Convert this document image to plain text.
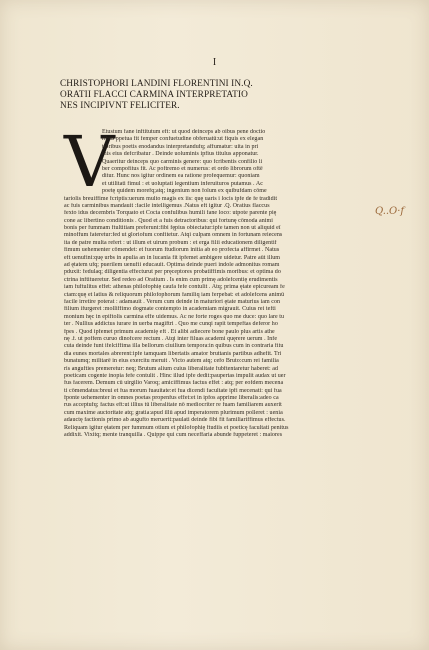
I
CHRISTOPHORI LANDINI FLORENTINI IN.Q.
ORATII FLACCI CARMINA INTERPRETATIO
NES INCIPIVNT FELICITER.
V
Etustum fane inftitutum eft: ut quod deinceps ab oibus pene doctio
ribus ppetua fit femper confuetudine obferuatū:ut fiquis ex elegan
tioribus poetis enodandus interpretandufq; affumatur: uita in pri
mis eius defcribatur . Deinde uoluminis ipfius titulus apponatur.
Quaeritur deinceps quo carminis genere: quo fcribentis confilio li
ber compofitus fit. Ac poftremo et numerus: et ordo librorum oftē
ditur. Hunc nos igitur ordinem ea ratione profequemur: quoniam
et utilitati fimul : et uoluptati legentium inferuituros putamus . Ac
poetę quidem morefq;atq; ingenium non folum ex quibufdam cōme
tariolis breuiffime fcriptis:uerum multo magis ex iis: quę uaris i locis ipfe de fe tradidit
ac fuis carminibus mandauit :facile intelligemus .Natus eft igitur .Q. Oratius flaccus
fexto idus decembris Torquato et Cocta confulibus humili fane loco: utpote parente pię
cone ac libertino conditionis . Quod et a fuis detractoribus: qui fortunę cōmoda animi
bonis per fummam ftultitiam preferunt:fibi fępius obiectatur:ipfe tamen non ut aliquid eī
minoffum fateretur:fed ut gloriofum confitetur. Atqi culpam omnem in fortunam reiecens
ita de patre multa refert : ut illum et uirum probum : et erga filii educationem diligentif
fimum uehementer cōmendet: et fuorum ftudiorum initia ab eo profecta affirmet . Natus
eft uenufini:quę urbs in apulia an in lucania fit ipfemet ambigere uidetur. Patre aūt illum
ad ętatem ufq; puerilem uenufii educauit. Optima deinde pueri indole admonitus romam
pduxit: fedulaq; diligentia effecturut per pręceptores probatiffimis moribus: et optima do
ctrina inftitueretur. Sed redeo ad Oratium . Is enim cum primę adolefcentię erudimentis
iam fuftulitus effet: athenas philofophię caufa fefe contulit . Atq; prima ętate epicuream fe
ctam:quę et latius & reliquorum philofophorum familiq iam ferpebat: et adolefcens animū
facile irretire poterat : adamauit . Verum cum deinde in maturiori ętate maturius iam con
filium ifurgeret :molliffimo dogmate contempto in academiam migrauit. Cuius rei tefti
monium hęc in epiftolis carmina effe uidemus. Ac ne forte roges quo me duce: quo lare tu
ter . Nullius addictus iurare in uerba magiftri . Quo me cunqi rapit tempeftas deferor ho
fpes . Quod ipfemet primum academię eft . Et alibi adiecere bone paulo plus artis athe
nę .f. ut poffem curuo dinofcere rectum . Atqi inter filuas academi quęrere uerum . Infe
cuta deinde funt ifelciffima illa bellorum ciuilium tempora:in quibus cum in contraria fitu
dia eunes mortales abrerent:ipfe tamquam libertatis amator bruttanis partibus adhefit. Tri
bunatumq; militarē in eius exercitu meruit . Victo autem atq; cefo Bruto:cum rei familia
ris angufties premeretur: neq; Brutum alium cuius liberalitate fubftentaretur haberet: ad
poeticam cogente inopia fefe contulit . Hinc illud ipfe dedit:paupertas impulit audax ut uer
fus facerem. Demum cū uirgilio Varoq; amiciffimus factus effet : atq; per eofdem mecena
ti cōmendatus:breui et fua morum fuauitate:et fua dicendi facultate ipfi mecenati: qui fua
fponte uehementer in omnes poetas propenfus effet:et in ipfos apprime liberalis:adeo ca
rus acceptufq; factus eft:ut illius tū liberalitate nō mediocriter re fuam familiarem auxerit
cum maxime auctoritate atq; gratia:apud illū apud imperatorem plurimum polleret : uenia
adauctę factionis primo ab augufto meruerit:paulati deinde fibi fit familiariffimus effectus.
Reliquam igitur ętatem per fummum otium et philofophię ftudiis et poeticę facultati penitus
addixit. Vixitq; mente tranquilla . Quippe qui cum neceffaria abunde fuppeteret : maiores
Q..O·f
